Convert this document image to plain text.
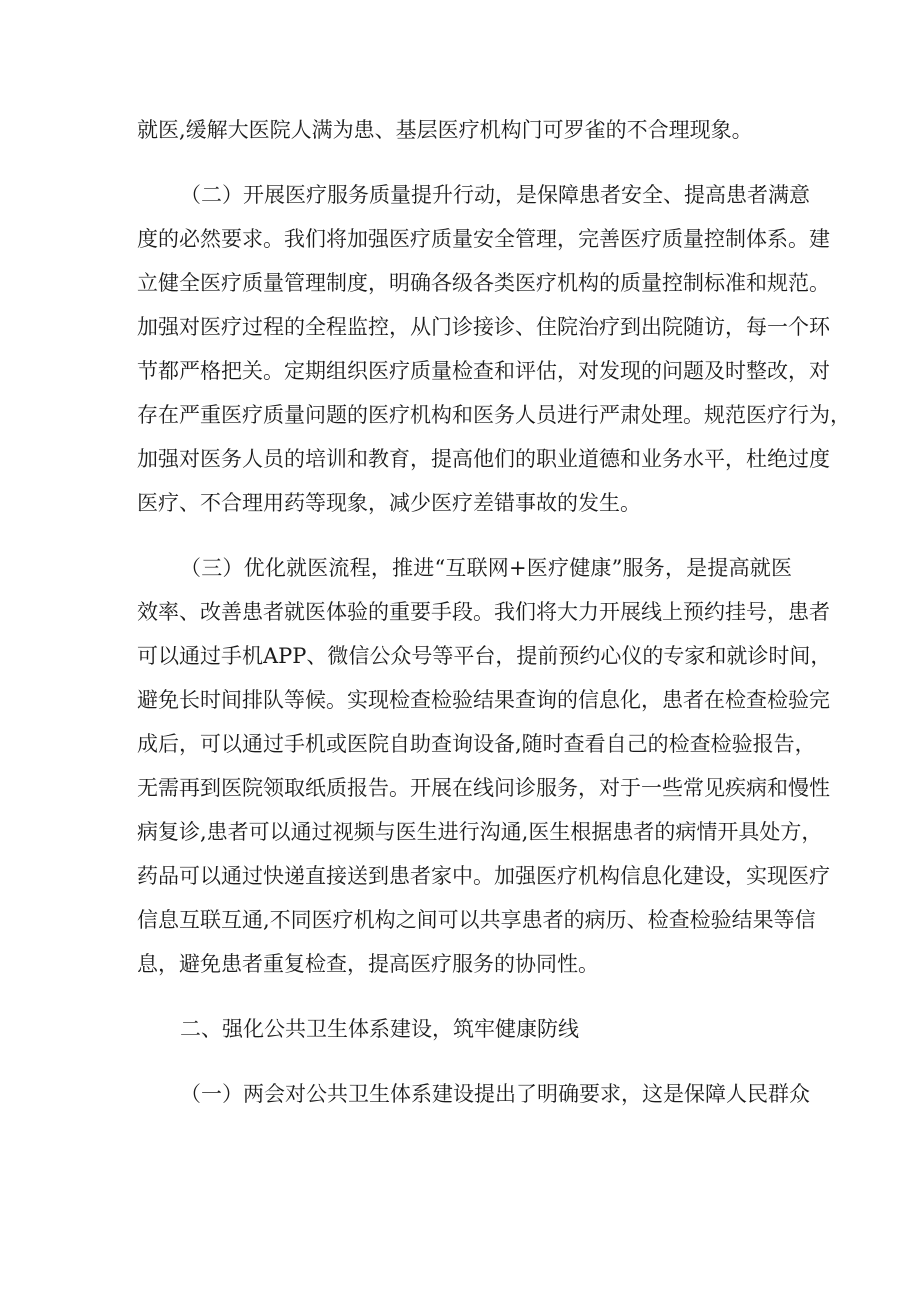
就医,缓解大医院人满为患、基层医疗机构门可罗雀的不合理现象。

（二）开展医疗服务质量提升行动，是保障患者安全、提高患者满意

度的必然要求。我们将加强医疗质量安全管理，完善医疗质量控制体系。建

立健全医疗质量管理制度，明确各级各类医疗机构的质量控制标准和规范。

加强对医疗过程的全程监控，从门诊接诊、住院治疗到出院随访，每一个环

节都严格把关。定期组织医疗质量检查和评估，对发现的问题及时整改，对

存在严重医疗质量问题的医疗机构和医务人员进行严肃处理。规范医疗行为，

加强对医务人员的培训和教育，提高他们的职业道德和业务水平，杜绝过度

医疗、不合理用药等现象，减少医疗差错事故的发生。

（三）优化就医流程，推进“互联网+医疗健康”服务，是提高就医

效率、改善患者就医体验的重要手段。我们将大力开展线上预约挂号，患者

可以通过手机APP、微信公众号等平台，提前预约心仪的专家和就诊时间，

避免长时间排队等候。实现检查检验结果查询的信息化，患者在检查检验完

成后，可以通过手机或医院自助查询设备,随时查看自己的检查检验报告，

无需再到医院领取纸质报告。开展在线问诊服务，对于一些常见疾病和慢性

病复诊,患者可以通过视频与医生进行沟通,医生根据患者的病情开具处方，

药品可以通过快递直接送到患者家中。加强医疗机构信息化建设，实现医疗

信息互联互通,不同医疗机构之间可以共享患者的病历、检查检验结果等信

息，避免患者重复检查，提高医疗服务的协同性。

二、强化公共卫生体系建设，筑牢健康防线

（一）两会对公共卫生体系建设提出了明确要求，这是保障人民群众
